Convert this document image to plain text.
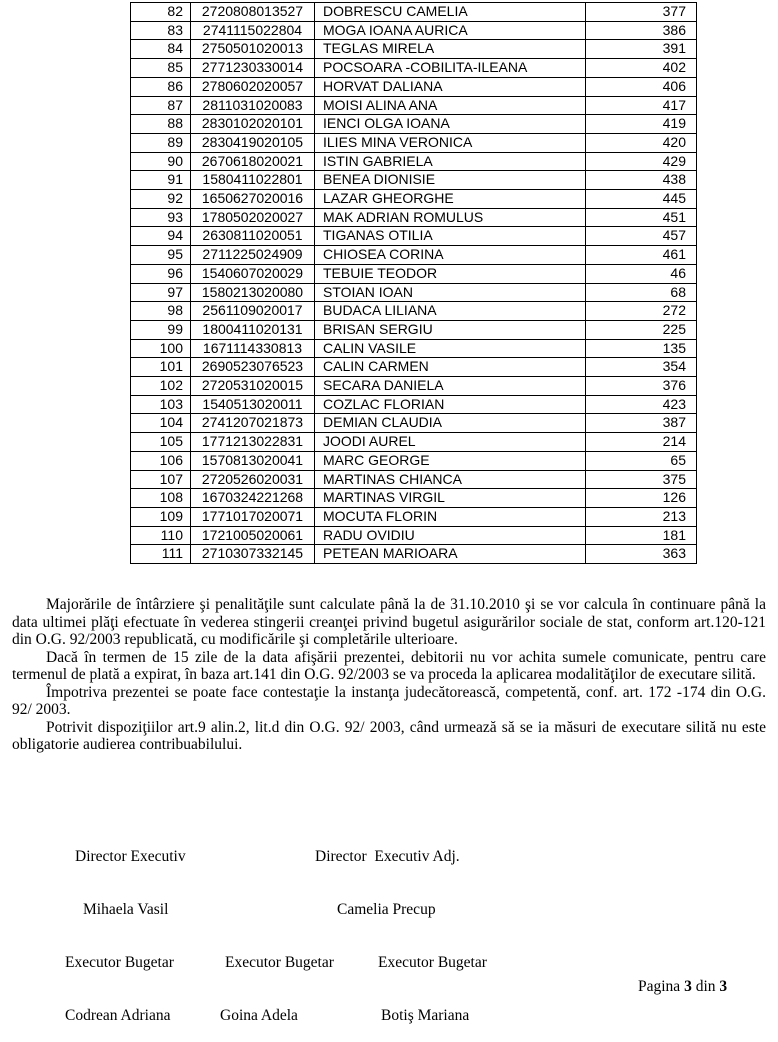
82	2720808013527	DOBRESCU CAMELIA	377
83	2741115022804	MOGA IOANA AURICA	386
84	2750501020013	TEGLAS MIRELA	391
85	2771230330014	POCSOARA -COBILITA-ILEANA	402
86	2780602020057	HORVAT DALIANA	406
87	2811031020083	MOISI ALINA ANA	417
88	2830102020101	IENCI OLGA IOANA	419
89	2830419020105	ILIES MINA VERONICA	420
90	2670618020021	ISTIN GABRIELA	429
91	1580411022801	BENEA DIONISIE	438
92	1650627020016	LAZAR GHEORGHE	445
93	1780502020027	MAK ADRIAN ROMULUS	451
94	2630811020051	TIGANAS OTILIA	457
95	2711225024909	CHIOSEA CORINA	461
96	1540607020029	TEBUIE TEODOR	46
97	1580213020080	STOIAN IOAN	68
98	2561109020017	BUDACA LILIANA	272
99	1800411020131	BRISAN SERGIU	225
100	1671114330813	CALIN VASILE	135
101	2690523076523	CALIN CARMEN	354
102	2720531020015	SECARA DANIELA	376
103	1540513020011	COZLAC FLORIAN	423
104	2741207021873	DEMIAN CLAUDIA	387
105	1771213022831	JOODI AUREL	214
106	1570813020041	MARC GEORGE	65
107	2720526020031	MARTINAS CHIANCA	375
108	1670324221268	MARTINAS VIRGIL	126
109	1771017020071	MOCUTA FLORIN	213
110	1721005020061	RADU OVIDIU	181
111	2710307332145	PETEAN MARIOARA	363

Majorările de întârziere şi penalităţile sunt calculate până la de 31.10.2010 şi se vor calcula în continuare până la data ultimei plăţi efectuate în vederea stingerii creanţei privind bugetul asigurărilor sociale de stat, conform art.120-121 din O.G. 92/2003 republicată, cu modificările şi completările ulterioare.

Dacă în termen de 15 zile de la data afişării prezentei, debitorii nu vor achita sumele comunicate, pentru care termenul de plată a expirat, în baza art.141 din O.G. 92/2003 se va proceda la aplicarea modalităţilor de executare silită.

Împotriva prezentei se poate face contestaţie la instanţa judecătorească, competentă, conf. art. 172 -174 din O.G. 92/ 2003.

Potrivit dispoziţiilor art.9 alin.2, lit.d din O.G. 92/ 2003, când urmează să se ia măsuri de executare silită nu este obligatorie audierea contribuabilului.

Director Executiv

Mihaela Vasil

Director  Executiv Adj.

Camelia Precup

Executor Bugetar

Codrean Adriana

Executor Bugetar

Goina Adela

Executor Bugetar

Botiş Mariana

Pagina 3 din 3
